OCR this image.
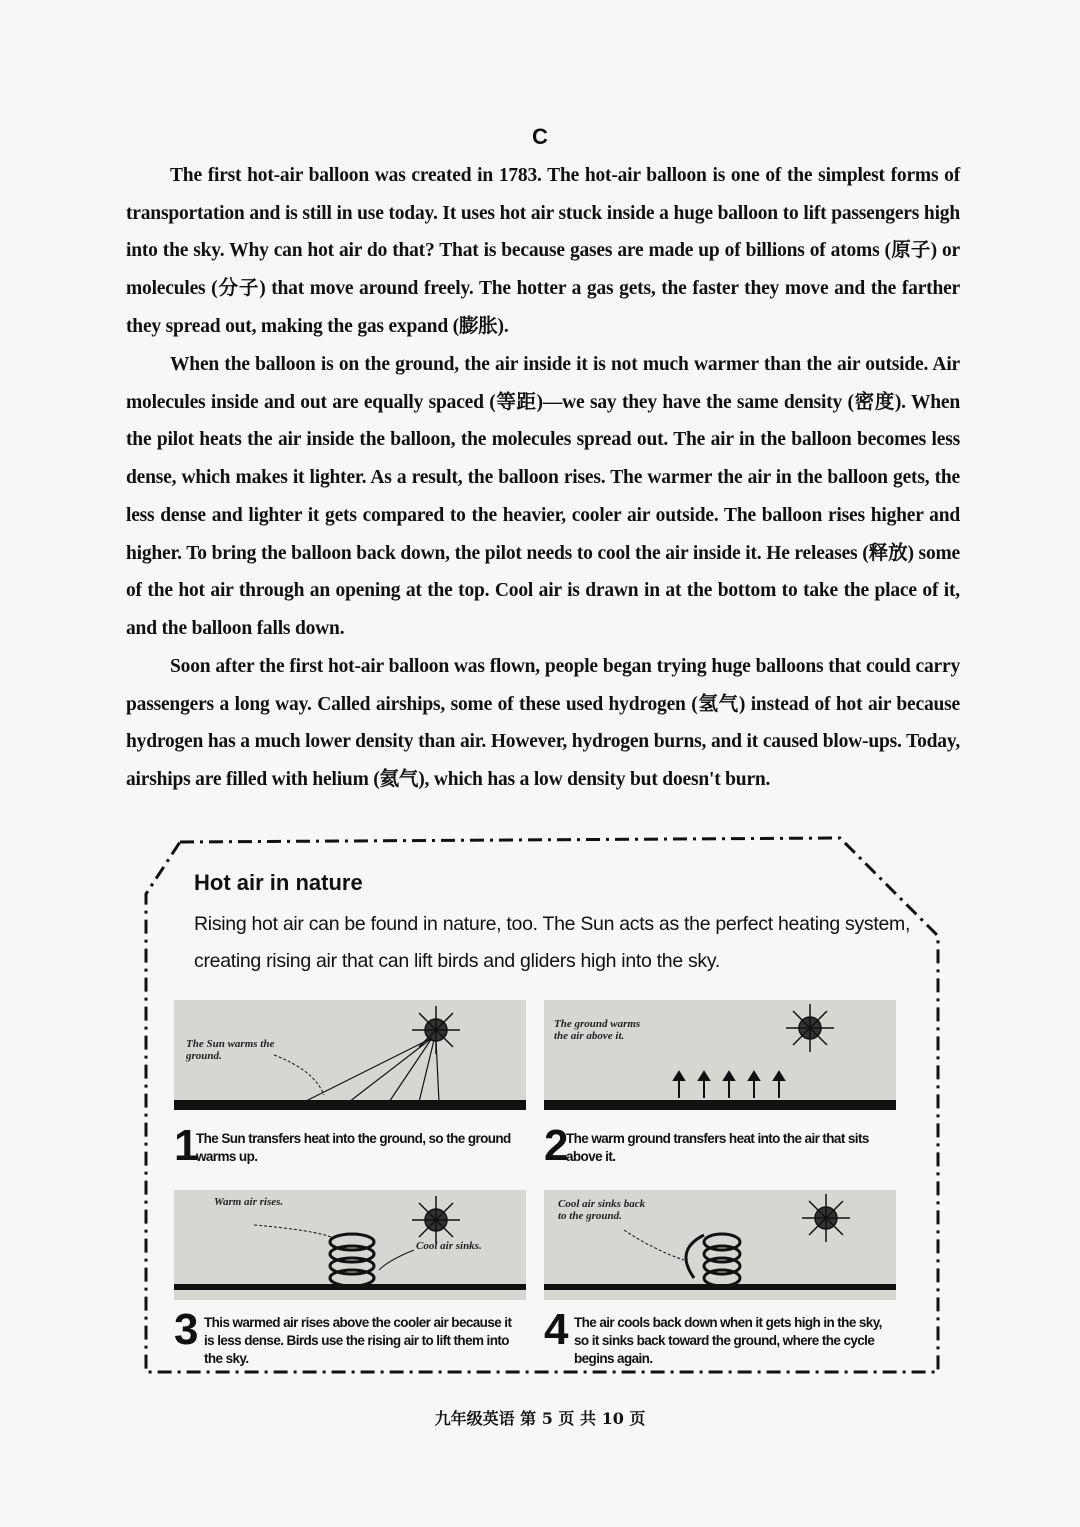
C

The first hot-air balloon was created in 1783. The hot-air balloon is one of the simplest forms of transportation and is still in use today. It uses hot air stuck inside a huge balloon to lift passengers high into the sky. Why can hot air do that? That is because gases are made up of billions of atoms (原子) or molecules (分子) that move around freely. The hotter a gas gets, the faster they move and the farther they spread out, making the gas expand (膨胀).

When the balloon is on the ground, the air inside it is not much warmer than the air outside. Air molecules inside and out are equally spaced (等距)—we say they have the same density (密度). When the pilot heats the air inside the balloon, the molecules spread out. The air in the balloon becomes less dense, which makes it lighter. As a result, the balloon rises. The warmer the air in the balloon gets, the less dense and lighter it gets compared to the heavier, cooler air outside. The balloon rises higher and higher. To bring the balloon back down, the pilot needs to cool the air inside it. He releases (释放) some of the hot air through an opening at the top. Cool air is drawn in at the bottom to take the place of it, and the balloon falls down.

Soon after the first hot-air balloon was flown, people began trying huge balloons that could carry passengers a long way. Called airships, some of these used hydrogen (氢气) instead of hot air because hydrogen has a much lower density than air. However, hydrogen burns, and it caused blow-ups. Today, airships are filled with helium (氦气), which has a low density but doesn't burn.

Hot air in nature

Rising hot air can be found in nature, too. The Sun acts as the perfect heating system, creating rising air that can lift birds and gliders high into the sky.

The Sun warms the ground.
1
The Sun transfers heat into the ground, so the ground warms up.
The ground warms the air above it.
2
The warm ground transfers heat into the air that sits above it.
Warm air rises.
Cool air sinks.
3 This warmed air rises above the cooler air because it is less dense. Birds use the rising air to lift them into the sky.
Cool air sinks back to the ground.
4 The air cools back down when it gets high in the sky, so it sinks back toward the ground, where the cycle begins again.
九年级英语 第 5 页 共 10 页
